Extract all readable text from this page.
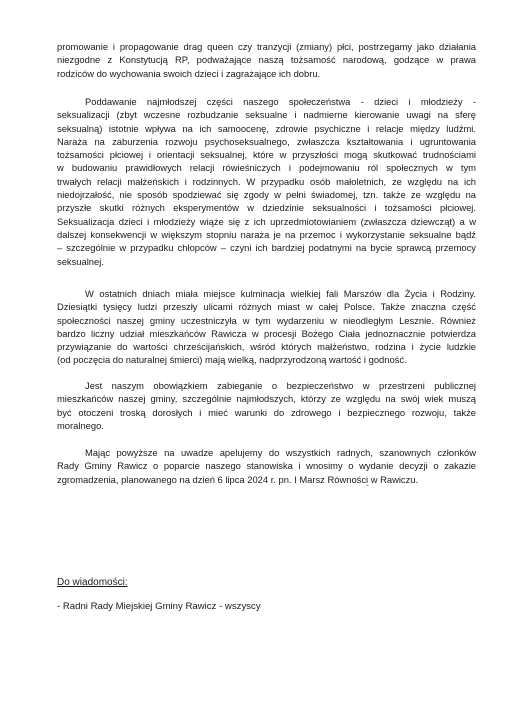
promowanie i propagowanie drag queen czy tranzycji (zmiany) płci, postrzegamy jako działania
niezgodne z Konstytucją RP, podważające naszą tożsamość narodową, godzące w prawa
rodziców do wychowania swoich dzieci i zagrażające ich dobru.

Poddawanie najmłodszej części naszego społeczeństwa - dzieci i młodzieży -
seksualizacji (zbyt wczesne rozbudzanie seksualne i nadmierne kierowanie uwagi na sferę
seksualną) istotnie wpływa na ich samoocenę, zdrowie psychiczne i relacje między ludźmi.
Naraża na zaburzenia rozwoju psychoseksualnego, zwłaszcza kształtowania i ugruntowania
tożsamości płciowej i orientacji seksualnej, które w przyszłości mogą skutkować trudnościami
w budowaniu prawidłowych relacji rówieśniczych i podejmowaniu ról społecznych w tym
trwałych relacji małżeńskich i rodzinnych. W przypadku osób małoletnich, ze względu na ich
niedojrzałość, nie sposób spodziewać się zgody w pełni świadomej, tzn. także ze względu na
przyszłe skutki różnych eksperymentów w dziedzinie seksualności i tożsamości płciowej.
Seksualizacja dzieci i młodzieży wiąże się z ich uprzedmiotowianiem (zwłaszcza dziewcząt) a w
dalszej konsekwencji w większym stopniu naraża je na przemoc i wykorzystanie seksualne bądź
– szczególnie w przypadku chłopców – czyni ich bardziej podatnymi na bycie sprawcą przemocy
seksualnej.

W ostatnich dniach miała miejsce kulminacja wielkiej fali Marszów dla Życia i Rodziny.
Dziesiątki tysięcy ludzi przeszły ulicami różnych miast w całej Polsce. Także znaczna część
społeczności naszej gminy uczestniczyła w tym wydarzeniu w nieodległym Lesznie. Również
bardzo liczny udział mieszkańców Rawicza w procesji Bożego Ciała jednoznacznie potwierdza
przywiązanie do wartości chrześcijańskich, wśród których małżeństwo, rodzina i życie ludzkie
(od poczęcia do naturalnej śmierci) mają wielką, nadprzyrodzoną wartość i godność.

Jest naszym obowiązkiem zabieganie o bezpieczeństwo w przestrzeni publicznej
mieszkańców naszej gminy, szczególnie najmłodszych, którzy ze względu na swój wiek muszą
być otoczeni troską dorosłych i mieć warunki do zdrowego i bezpiecznego rozwoju, także
moralnego.

Mając powyższe na uwadze apelujemy do wszystkich radnych, szanownych członków
Rady Gminy Rawicz o poparcie naszego stanowiska i wnosimy o wydanie decyzji o zakazie
zgromadzenia, planowanego na dzień 6 lipca 2024 r. pn. I Marsz Równości w Rawiczu.

ˆ

Do wiadomości:

- Radni Rady Miejskiej Gminy Rawicz - wszyscy
